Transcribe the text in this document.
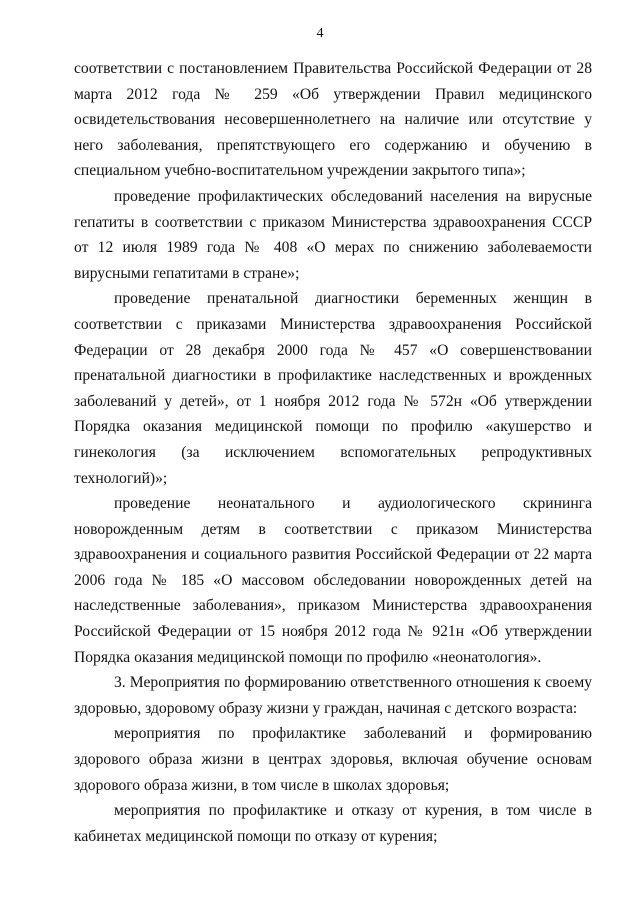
4

соответствии с постановлением Правительства Российской Федерации от 28 марта 2012 года № 259 «Об утверждении Правил медицинского освидетельствования несовершеннолетнего на наличие или отсутствие у него заболевания, препятствующего его содержанию и обучению в специальном учебно-воспитательном учреждении закрытого типа»;

проведение профилактических обследований населения на вирусные гепатиты в соответствии с приказом Министерства здравоохранения СССР от 12 июля 1989 года № 408 «О мерах по снижению заболеваемости вирусными гепатитами в стране»;

проведение пренатальной диагностики беременных женщин в соответствии с приказами Министерства здравоохранения Российской Федерации от 28 декабря 2000 года № 457 «О совершенствовании пренатальной диагностики в профилактике наследственных и врожденных заболеваний у детей», от 1 ноября 2012 года № 572н «Об утверждении Порядка оказания медицинской помощи по профилю «акушерство и гинекология (за исключением вспомогательных репродуктивных технологий)»;

проведение неонатального и аудиологического скрининга новорожденным детям в соответствии с приказом Министерства здравоохранения и социального развития Российской Федерации от 22 марта 2006 года № 185 «О массовом обследовании новорожденных детей на наследственные заболевания», приказом Министерства здравоохранения Российской Федерации от 15 ноября 2012 года № 921н «Об утверждении Порядка оказания медицинской помощи по профилю «неонатология».

3. Мероприятия по формированию ответственного отношения к своему здоровью, здоровому образу жизни у граждан, начиная с детского возраста:

мероприятия по профилактике заболеваний и формированию здорового образа жизни в центрах здоровья, включая обучение основам здорового образа жизни, в том числе в школах здоровья;

мероприятия по профилактике и отказу от курения, в том числе в кабинетах медицинской помощи по отказу от курения;
